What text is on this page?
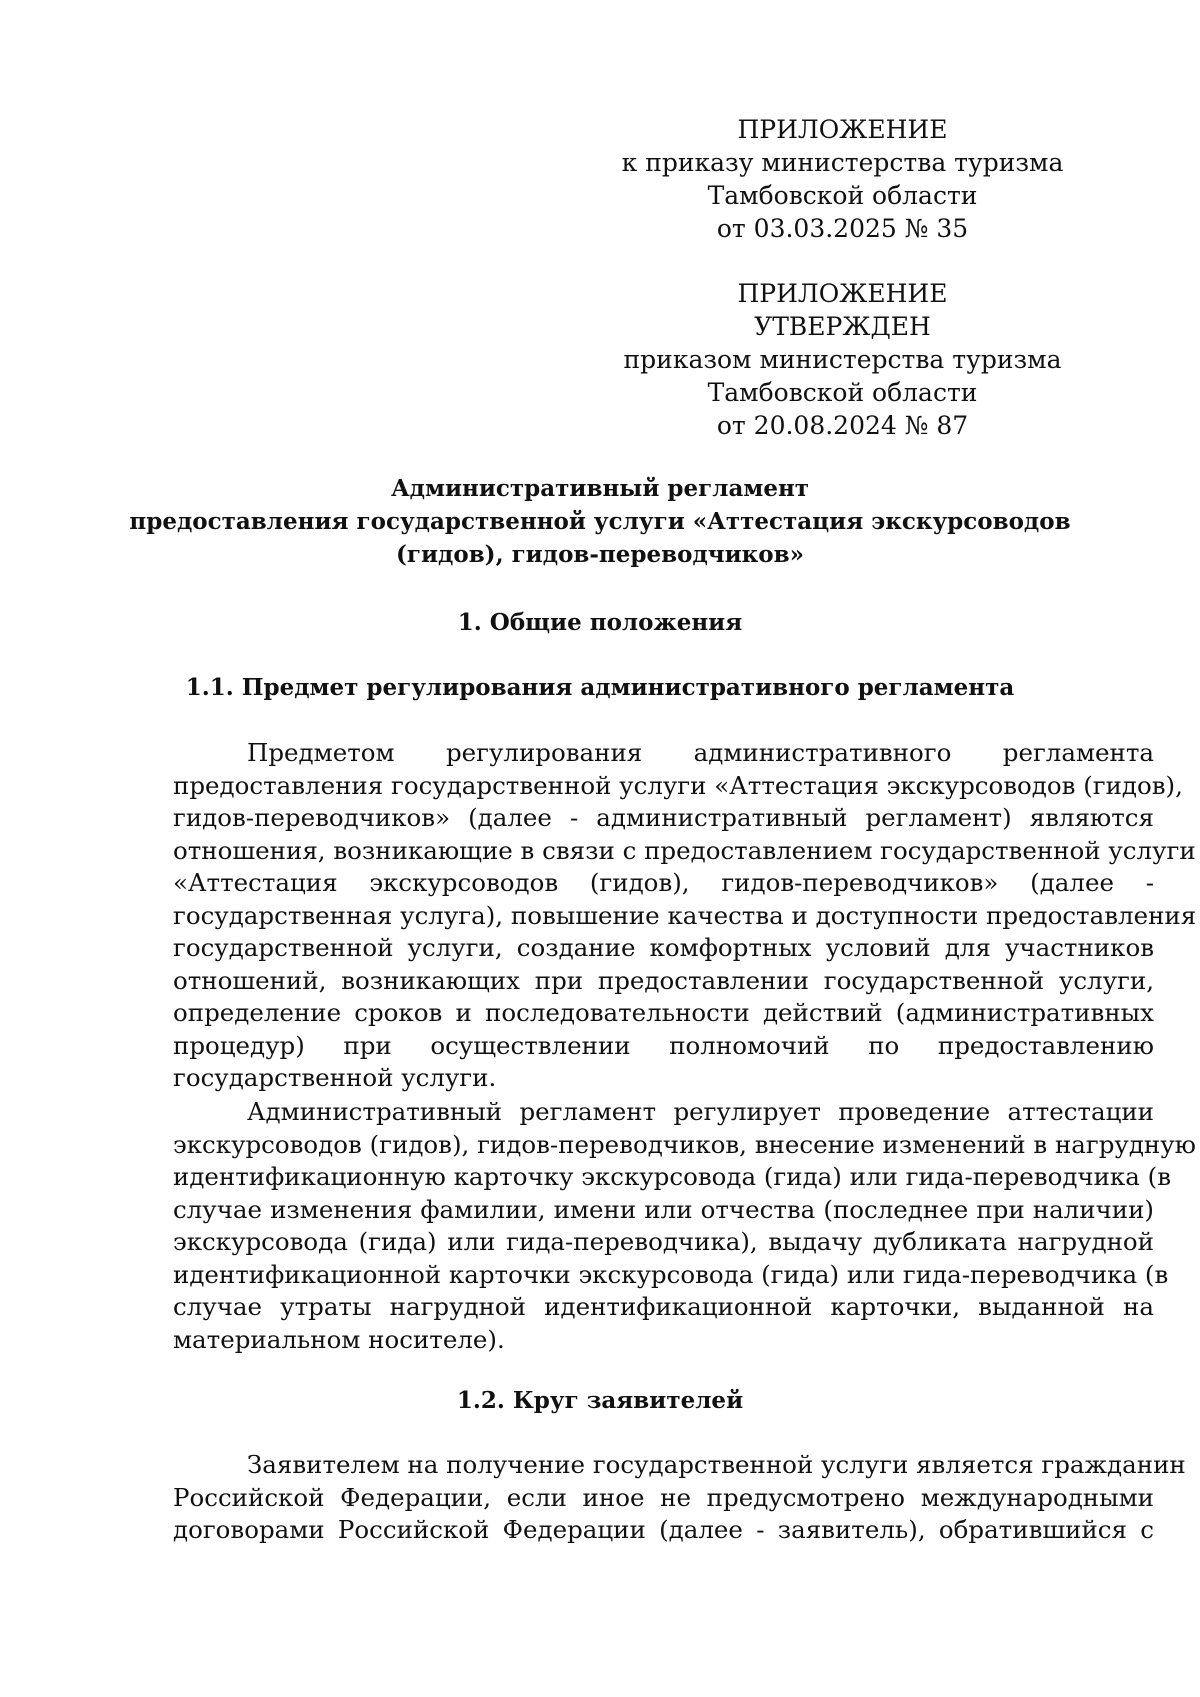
ПРИЛОЖЕНИЕ
к приказу министерства туризма
Тамбовской области
от 03.03.2025 № 35
ПРИЛОЖЕНИЕ
УТВЕРЖДЕН
приказом министерства туризма
Тамбовской области
от 20.08.2024 № 87
Административный регламент
предоставления государственной услуги «Аттестация экскурсоводов
(гидов), гидов-переводчиков»
1. Общие положения
1.1. Предмет регулирования административного регламента
Предметом регулирования административного регламента
предоставления государственной услуги «Аттестация экскурсоводов (гидов),
гидов-переводчиков» (далее - административный регламент) являются
отношения, возникающие в связи с предоставлением государственной услуги
«Аттестация экскурсоводов (гидов), гидов-переводчиков» (далее -
государственная услуга), повышение качества и доступности предоставления
государственной услуги, создание комфортных условий для участников
отношений, возникающих при предоставлении государственной услуги,
определение сроков и последовательности действий (административных
процедур) при осуществлении полномочий по предоставлению
государственной услуги.
Административный регламент регулирует проведение аттестации
экскурсоводов (гидов), гидов-переводчиков, внесение изменений в нагрудную
идентификационную карточку экскурсовода (гида) или гида-переводчика (в
случае изменения фамилии, имени или отчества (последнее при наличии)
экскурсовода (гида) или гида-переводчика), выдачу дубликата нагрудной
идентификационной карточки экскурсовода (гида) или гида-переводчика (в
случае утраты нагрудной идентификационной карточки, выданной на
материальном носителе).
1.2. Круг заявителей
Заявителем на получение государственной услуги является гражданин
Российской Федерации, если иное не предусмотрено международными
договорами Российской Федерации (далее - заявитель), обратившийся с
